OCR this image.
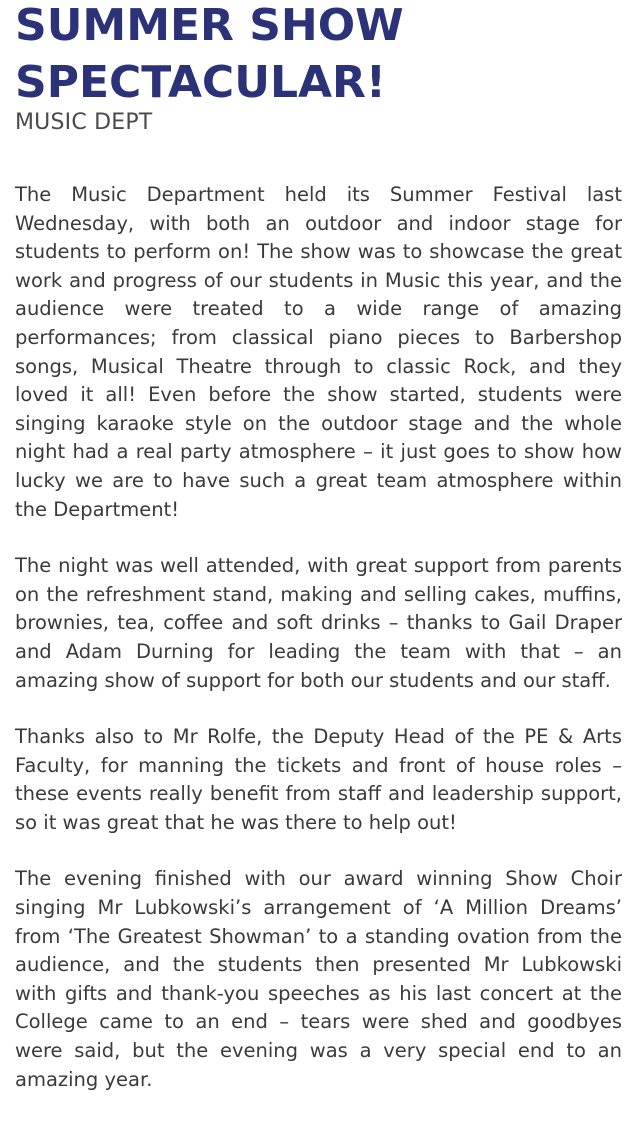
SUMMER SHOW
SPECTACULAR!
MUSIC DEPT

The Music Department held its Summer Festival last Wednesday, with both an outdoor and indoor stage for students to perform on! The show was to showcase the great work and progress of our students in Music this year, and the audience were treated to a wide range of amazing performances; from classical piano pieces to Barbershop songs, Musical Theatre through to classic Rock, and they loved it all! Even before the show started, students were singing karaoke style on the outdoor stage and the whole night had a real party atmosphere – it just goes to show how lucky we are to have such a great team atmosphere within the Department!

The night was well attended, with great support from parents on the refreshment stand, making and selling cakes, muffins, brownies, tea, coffee and soft drinks – thanks to Gail Draper and Adam Durning for leading the team with that – an amazing show of support for both our students and our staff.

Thanks also to Mr Rolfe, the Deputy Head of the PE & Arts Faculty, for manning the tickets and front of house roles – these events really benefit from staff and leadership support, so it was great that he was there to help out!

The evening finished with our award winning Show Choir singing Mr Lubkowski’s arrangement of ‘A Million Dreams’ from ‘The Greatest Showman’ to a standing ovation from the audience, and the students then presented Mr Lubkowski with gifts and thank-you speeches as his last concert at the College came to an end – tears were shed and goodbyes were said, but the evening was a very special end to an amazing year.
